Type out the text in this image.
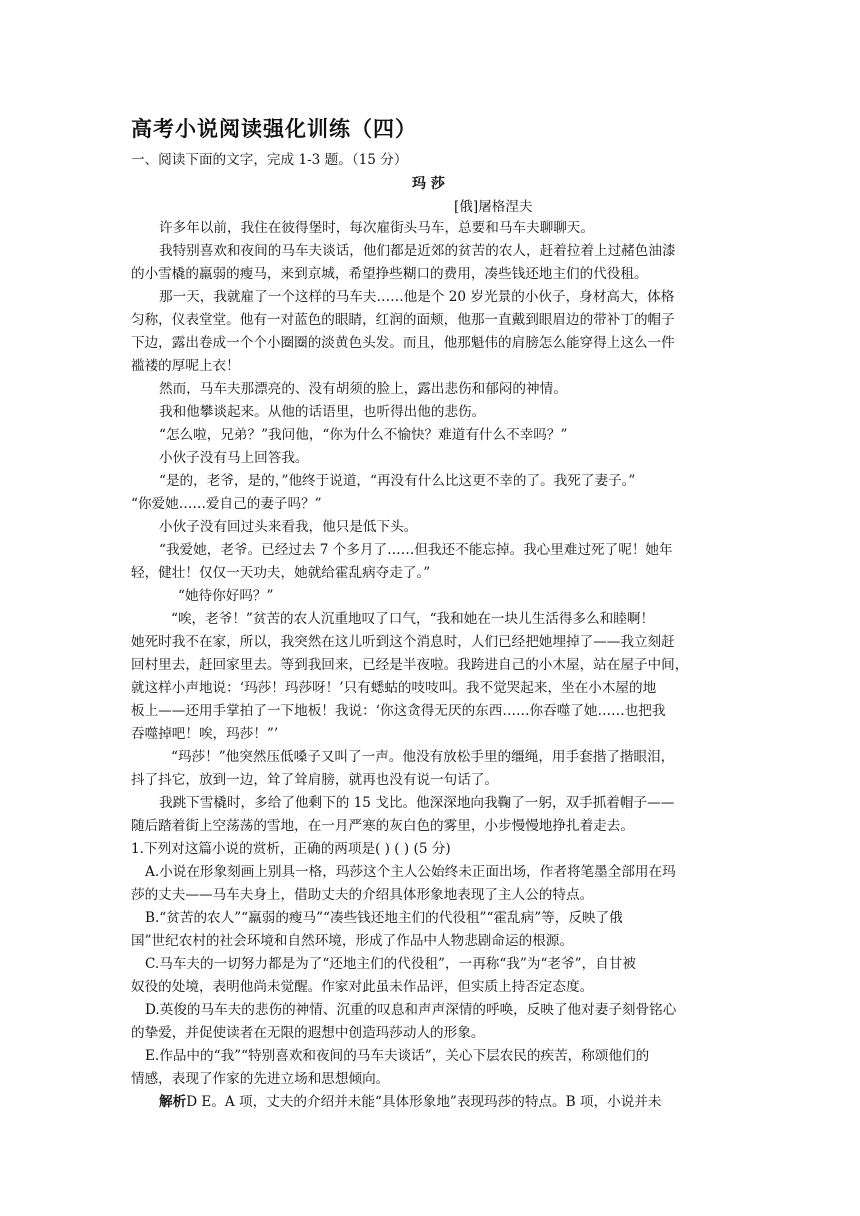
高考小说阅读强化训练（四）
一、阅读下面的文字，完成 1-3 题。（15 分）
玛 莎
[俄]屠格涅夫
许多年以前，我住在彼得堡时，每次雇街头马车，总要和马车夫聊聊天。
我特别喜欢和夜间的马车夫谈话，他们都是近郊的贫苦的农人，赶着拉着上过赭色油漆
的小雪橇的羸弱的瘦马，来到京城，希望挣些糊口的费用，凑些钱还地主们的代役租。
那一天，我就雇了一个这样的马车夫……他是个 20 岁光景的小伙子，身材高大，体格
匀称，仪表堂堂。他有一对蓝色的眼睛，红润的面颊，他那一直戴到眼眉边的带补丁的帽子
下边，露出卷成一个个小圈圈的淡黄色头发。而且，他那魁伟的肩膀怎么能穿得上这么一件
褴褛的厚呢上衣！
然而，马车夫那漂亮的、没有胡须的脸上，露出悲伤和郁闷的神情。
我和他攀谈起来。从他的话语里，也听得出他的悲伤。
“怎么啦，兄弟？”我问他，“你为什么不愉快？难道有什么不幸吗？”
小伙子没有马上回答我。
“是的，老爷，是的，”他终于说道，“再没有什么比这更不幸的了。我死了妻子。”
“你爱她……爱自己的妻子吗？”
小伙子没有回过头来看我，他只是低下头。
“我爱她，老爷。已经过去 7 个多月了……但我还不能忘掉。我心里难过死了呢！她年
轻，健壮！仅仅一天功夫，她就给霍乱病夺走了。”
“她待你好吗？”
“唉，老爷！”贫苦的农人沉重地叹了口气，“我和她在一块儿生活得多么和睦啊！
她死时我不在家，所以，我突然在这儿听到这个消息时，人们已经把她埋掉了——我立刻赶
回村里去，赶回家里去。等到我回来，已经是半夜啦。我跨进自己的小木屋，站在屋子中间，
就这样小声地说：‘玛莎！玛莎呀！’只有蟋蛄的吱吱叫。我不觉哭起来，坐在小木屋的地
板上——还用手掌拍了一下地板！我说：‘你这贪得无厌的东西……你吞噬了她……也把我
吞噬掉吧！唉，玛莎！”’
“玛莎！”他突然压低嗓子又叫了一声。他没有放松手里的缰绳，用手套揩了揩眼泪，
抖了抖它，放到一边，耸了耸肩膀，就再也没有说一句话了。
我跳下雪橇时，多给了他剩下的 15 戈比。他深深地向我鞠了一躬，双手抓着帽子——
随后踏着街上空荡荡的雪地，在一月严寒的灰白色的雾里，小步慢慢地挣扎着走去。
1.下列对这篇小说的赏析，正确的两项是( ) ( ) (5 分)
A.小说在形象刻画上别具一格，玛莎这个主人公始终未正面出场，作者将笔墨全部用在玛
莎的丈夫——马车夫身上，借助丈夫的介绍具体形象地表现了主人公的特点。
B.“贫苦的农人”“羸弱的瘦马”“凑些钱还地主们的代役租”“霍乱病”等，反映了俄
国”世纪农村的社会环境和自然环境，形成了作品中人物悲剧命运的根源。
C.马车夫的一切努力都是为了“还地主们的代役租”，一再称“我”为“老爷”，自甘被
奴役的处境，表明他尚未觉醒。作家对此虽未作品评，但实质上持否定态度。
D.英俊的马车夫的悲伤的神情、沉重的叹息和声声深情的呼唤，反映了他对妻子刻骨铭心
的挚爱，并促使读者在无限的遐想中创造玛莎动人的形象。
E.作品中的“我”“特别喜欢和夜间的马车夫谈话”，关心下层农民的疾苦，称颂他们的
情感，表现了作家的先进立场和思想倾向。
解析D E。A 项，丈夫的介绍并未能“具体形象地”表现玛莎的特点。B 项，小说并未
